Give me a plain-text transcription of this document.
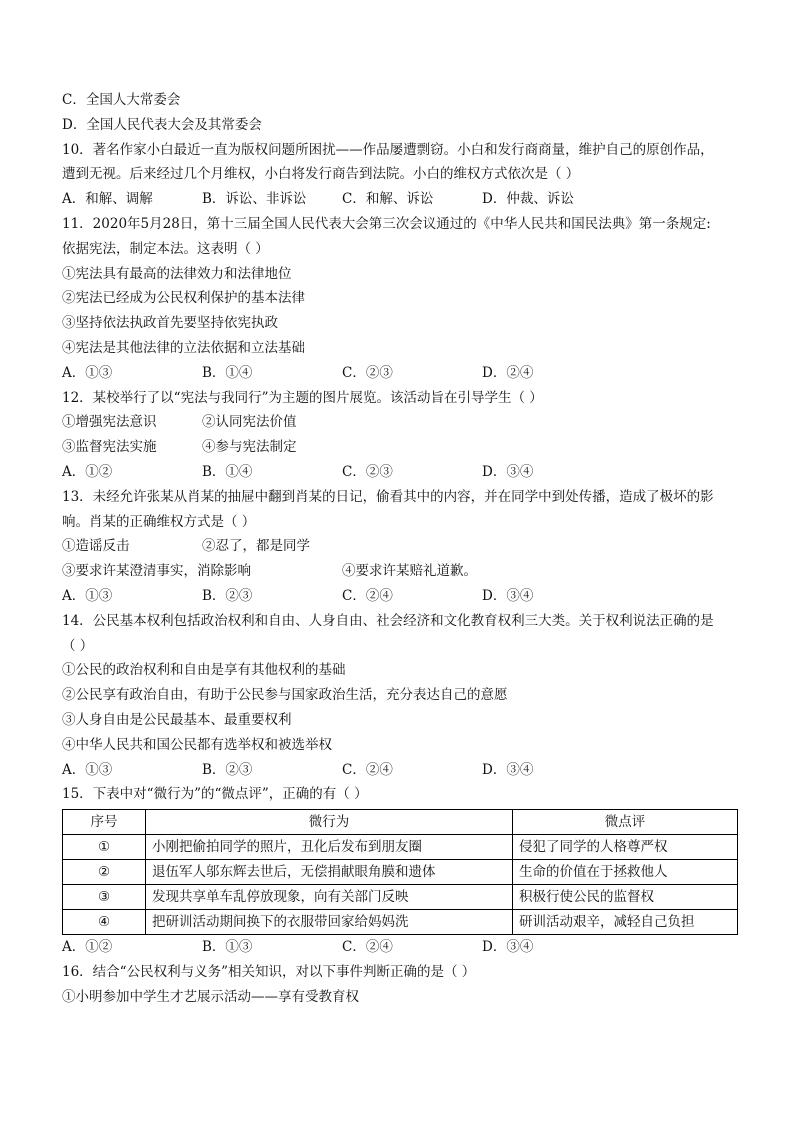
C．全国人大常委会
D．全国人民代表大会及其常委会
10．著名作家小白最近一直为版权问题所困扰——作品屡遭剽窃。小白和发行商商量，维护自己的原创作品，
遭到无视。后来经过几个月维权，小白将发行商告到法院。小白的维权方式依次是（ ）
A．和解、调解	B．诉讼、非诉讼	C．和解、诉讼	D．仲裁、诉讼
11．2020年5月28日，第十三届全国人民代表大会第三次会议通过的《中华人民共和国民法典》第一条规定:
依据宪法，制定本法。这表明（ ）
①宪法具有最高的法律效力和法律地位
②宪法已经成为公民权利保护的基本法律
③坚持依法执政首先要坚持依宪执政
④宪法是其他法律的立法依据和立法基础
A．①③	B．①④	C．②③	D．②④
12．某校举行了以“宪法与我同行”为主题的图片展览。该活动旨在引导学生（ ）
①增强宪法意识	②认同宪法价值
③监督宪法实施	④参与宪法制定
A．①②	B．①④	C．②③	D．③④
13．未经允许张某从肖某的抽屉中翻到肖某的日记，偷看其中的内容，并在同学中到处传播，造成了极坏的影
响。肖某的正确维权方式是（ ）
①造谣反击	②忍了，都是同学
③要求许某澄清事实，消除影响	④要求许某赔礼道歉。
A．①③	B．②③	C．②④	D．③④
14．公民基本权利包括政治权利和自由、人身自由、社会经济和文化教育权利三大类。关于权利说法正确的是
（ ）
①公民的政治权利和自由是享有其他权利的基础
②公民享有政治自由，有助于公民参与国家政治生活，充分表达自己的意愿
③人身自由是公民最基本、最重要权利
④中华人民共和国公民都有选举权和被选举权
A．①③	B．②③	C．②④	D．③④
15．下表中对“微行为”的“微点评”，正确的有（ ）
序号	微行为	微点评
①	小刚把偷拍同学的照片，丑化后发布到朋友圈	侵犯了同学的人格尊严权
②	退伍军人邬东辉去世后，无偿捐献眼角膜和遗体	生命的价值在于拯救他人
③	发现共享单车乱停放现象，向有关部门反映	积极行使公民的监督权
④	把研训活动期间换下的衣服带回家给妈妈洗	研训活动艰辛，减轻自己负担
A．①②	B．①③	C．②④	D．③④
16．结合“公民权利与义务”相关知识，对以下事件判断正确的是（ ）
①小明参加中学生才艺展示活动——享有受教育权
